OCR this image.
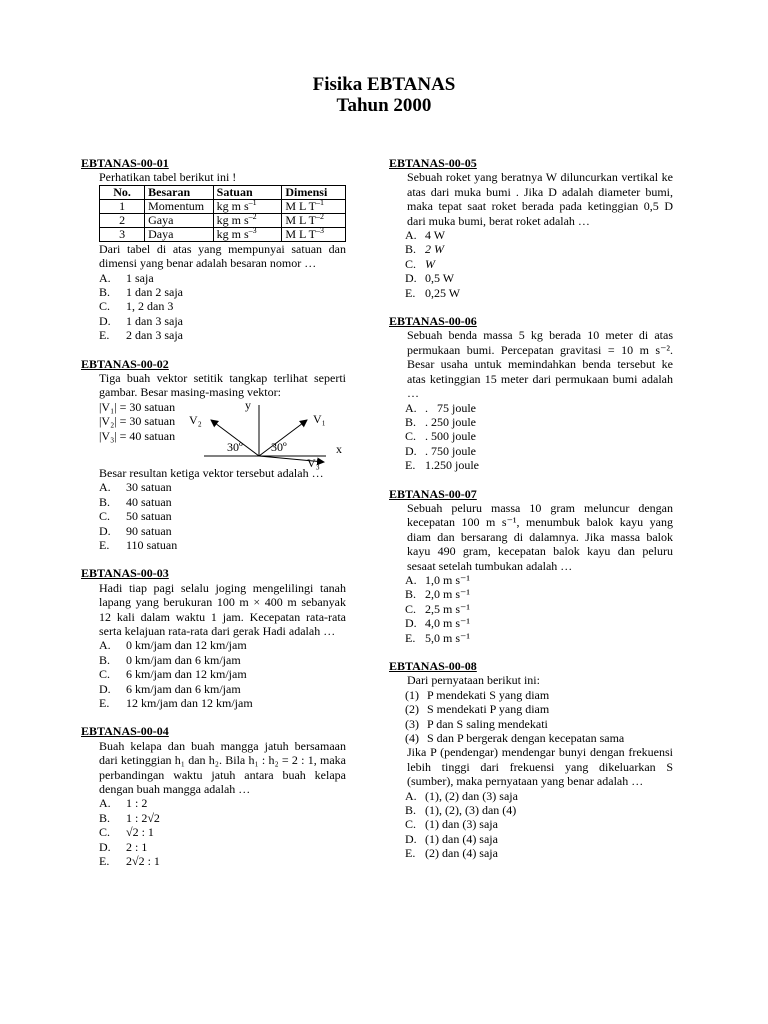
Fisika EBTANAS
Tahun 2000
EBTANAS-00-01
Perhatikan tabel berikut ini !
No.	Besaran	Satuan	Dimensi
1	Momentum	kg m $s^{-1}$	M L $T^{-1}$
2	Gaya	kg m $s^{-2}$	M L $T^{-2}$
3	Daya	kg m $s^{-3}$	M L $T^{-3}$
Dari tabel di atas yang mempunyai satuan dan dimensi yang benar adalah besaran nomor …
A.	1 saja
B.	1 dan 2 saja
C.	1, 2 dan 3
D.	1 dan 3 saja
E.	2 dan 3 saja
EBTANAS-00-02
Tiga buah vektor setitik tangkap terlihat seperti gambar. Besar masing-masing vektor:
|V₁| = 30 satuan
|V₂| = 30 satuan
|V₃| = 40 satuan
y
x
V₁
V₂
V₃
30º 30º
Besar resultan ketiga vektor tersebut adalah …
A.	30 satuan
B.	40 satuan
C.	50 satuan
D.	90 satuan
E.	110 satuan
EBTANAS-00-03
Hadi tiap pagi selalu joging mengelilingi tanah lapang yang berukuran 100 m × 400 m sebanyak 12 kali dalam waktu 1 jam. Kecepatan rata-rata serta kelajuan rata-rata dari gerak Hadi adalah …
A.	0 km/jam dan 12 km/jam
B.	0 km/jam dan 6 km/jam
C.	6 km/jam dan 12 km/jam
D.	6 km/jam dan 6 km/jam
E.	12 km/jam dan 12 km/jam
EBTANAS-00-04
Buah kelapa dan buah mangga jatuh bersamaan dari ketinggian h₁ dan h₂. Bila h₁ : h₂ = 2 : 1, maka perbandingan waktu jatuh antara buah kelapa dengan buah mangga adalah …
A.	1 : 2
B.	1 : 2√2
C.	√2 : 1
D.	2 : 1
E.	2√2 : 1
EBTANAS-00-05
Sebuah roket yang beratnya W diluncurkan vertikal ke atas dari muka bumi . Jika D adalah diameter bumi, maka tepat saat roket berada pada ketinggian 0,5 D dari muka bumi, berat roket adalah …
A. 4 W
B. 2 W
C. W
D. 0,5 W
E. 0,25 W
EBTANAS-00-06
Sebuah benda massa 5 kg berada 10 meter di atas permukaan bumi. Percepatan gravitasi = 10 m s⁻². Besar usaha untuk memindahkan benda tersebut ke atas ketinggian 15 meter dari permukaan bumi adalah …
A. .   75 joule
B. . 250 joule
C. . 500 joule
D. . 750 joule
E. 1.250 joule
EBTANAS-00-07
Sebuah peluru massa 10 gram meluncur dengan kecepatan 100 m s⁻¹, menumbuk balok kayu yang diam dan bersarang di dalamnya. Jika massa balok kayu 490 gram, kecepatan balok kayu dan peluru sesaat setelah tumbukan adalah …
A. 1,0 m s⁻¹
B. 2,0 m s⁻¹
C. 2,5 m s⁻¹
D. 4,0 m s⁻¹
E. 5,0 m s⁻¹
EBTANAS-00-08
Dari pernyataan berikut ini:
(1) P mendekati S yang diam
(2) S mendekati P yang diam
(3) P dan S saling mendekati
(4) S dan P bergerak dengan kecepatan sama
Jika P (pendengar) mendengar bunyi dengan frekuensi lebih tinggi dari frekuensi yang dikeluarkan S (sumber), maka pernyataan yang benar adalah …
A. (1), (2) dan (3) saja
B. (1), (2), (3) dan (4)
C. (1) dan (3) saja
D. (1) dan (4) saja
E. (2) dan (4) saja
